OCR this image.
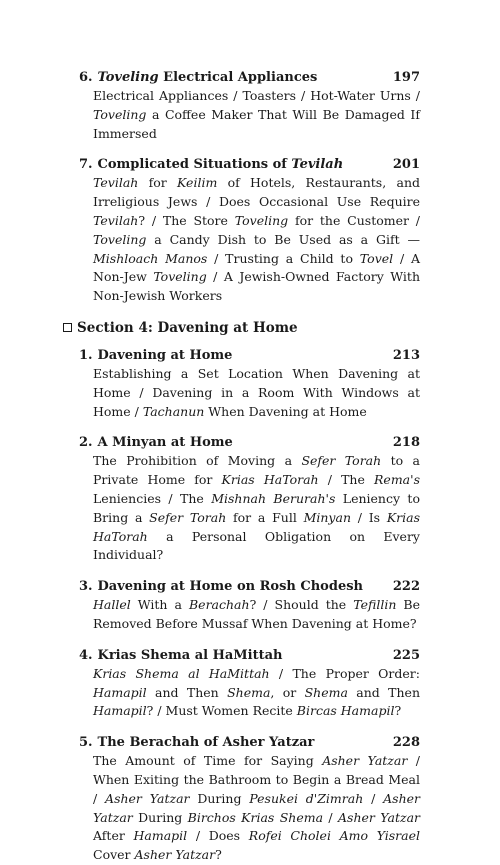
6. Toveling Electrical Appliances	197
Electrical Appliances / Toasters / Hot-Water Urns / Toveling a Coffee Maker That Will Be Damaged If Immersed
7. Complicated Situations of Tevilah	201
Tevilah for Keilim of Hotels, Restaurants, and Irreligious Jews / Does Occasional Use Require Tevilah? / The Store Toveling for the Customer / Toveling a Candy Dish to Be Used as a Gift — Mishloach Manos / Trusting a Child to Tovel / A Non-Jew Toveling / A Jewish-Owned Factory With Non-Jewish Workers
Section 4: Davening at Home
1. Davening at Home	213
Establishing a Set Location When Davening at Home / Davening in a Room With Windows at Home / Tachanun When Davening at Home
2. A Minyan at Home	218
The Prohibition of Moving a Sefer Torah to a Private Home for Krias HaTorah / The Rema's Leniencies / The Mishnah Berurah's Leniency to Bring a Sefer Torah for a Full Minyan / Is Krias HaTorah a Personal Obligation on Every Individual?
3. Davening at Home on Rosh Chodesh 222
Hallel With a Berachah? / Should the Tefillin Be Removed Before Mussaf When Davening at Home?
4. Krias Shema al HaMittah	225
Krias Shema al HaMittah / The Proper Order: Hamapil and Then Shema, or Shema and Then Hamapil? / Must Women Recite Bircas Hamapil?
5. The Berachah of Asher Yatzar	228
The Amount of Time for Saying Asher Yatzar / When Exiting the Bathroom to Begin a Bread Meal / Asher Yatzar During Pesukei d'Zimrah / Asher Yatzar During Birchos Krias Shema / Asher Yatzar After Hamapil / Does Rofei Cholei Amo Yisrael Cover Asher Yatzar?
